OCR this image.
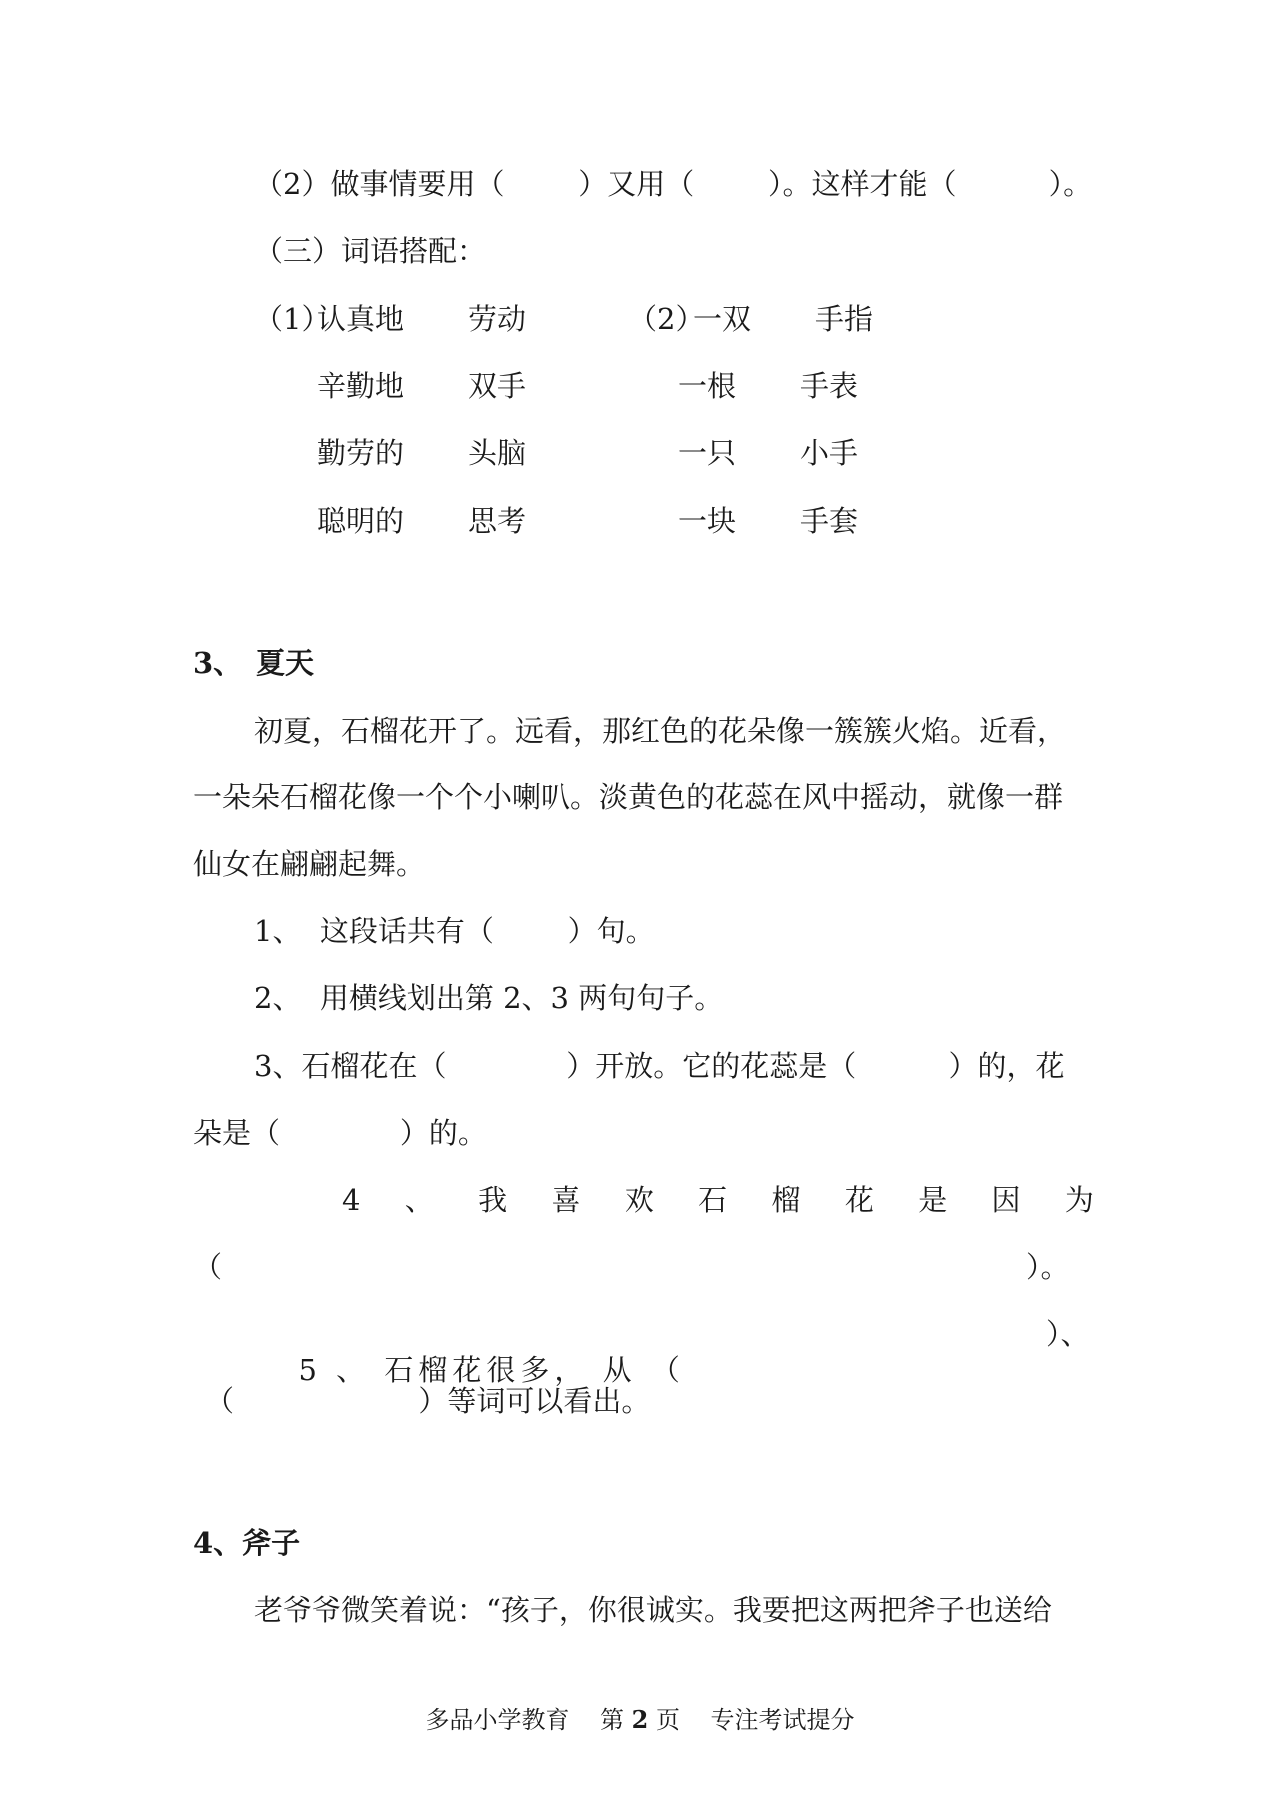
（2）做事情要用（        ）又用（        ）。这样才能（          ）。
（三）词语搭配：
（1）
认真地
辛勤地
勤劳的
聪明的
劳动
双手
头脑
思考
（2）
一双
一根
一只
一块
手指
手表
小手
手套
3、 夏天
初夏，石榴花开了。远看，那红色的花朵像一簇簇火焰。近看，
一朵朵石榴花像一个个小喇叭。淡黄色的花蕊在风中摇动，就像一群
仙女在翩翩起舞。
1、  这段话共有（        ）句。
2、  用横线划出第 2、3 两句句子。
3、石榴花在（             ）开放。它的花蕊是（          ）的，花
朵是（             ）的。
4 、 我 喜 欢 石 榴 花 是 因 为
（	）。

5 、 石榴花很多， 从 （

）、
（                    ）等词可以看出。
4、斧子
老爷爷微笑着说：“孩子，你很诚实。我要把这两把斧子也送给
多品小学教育 第 2 页 专注考试提分
